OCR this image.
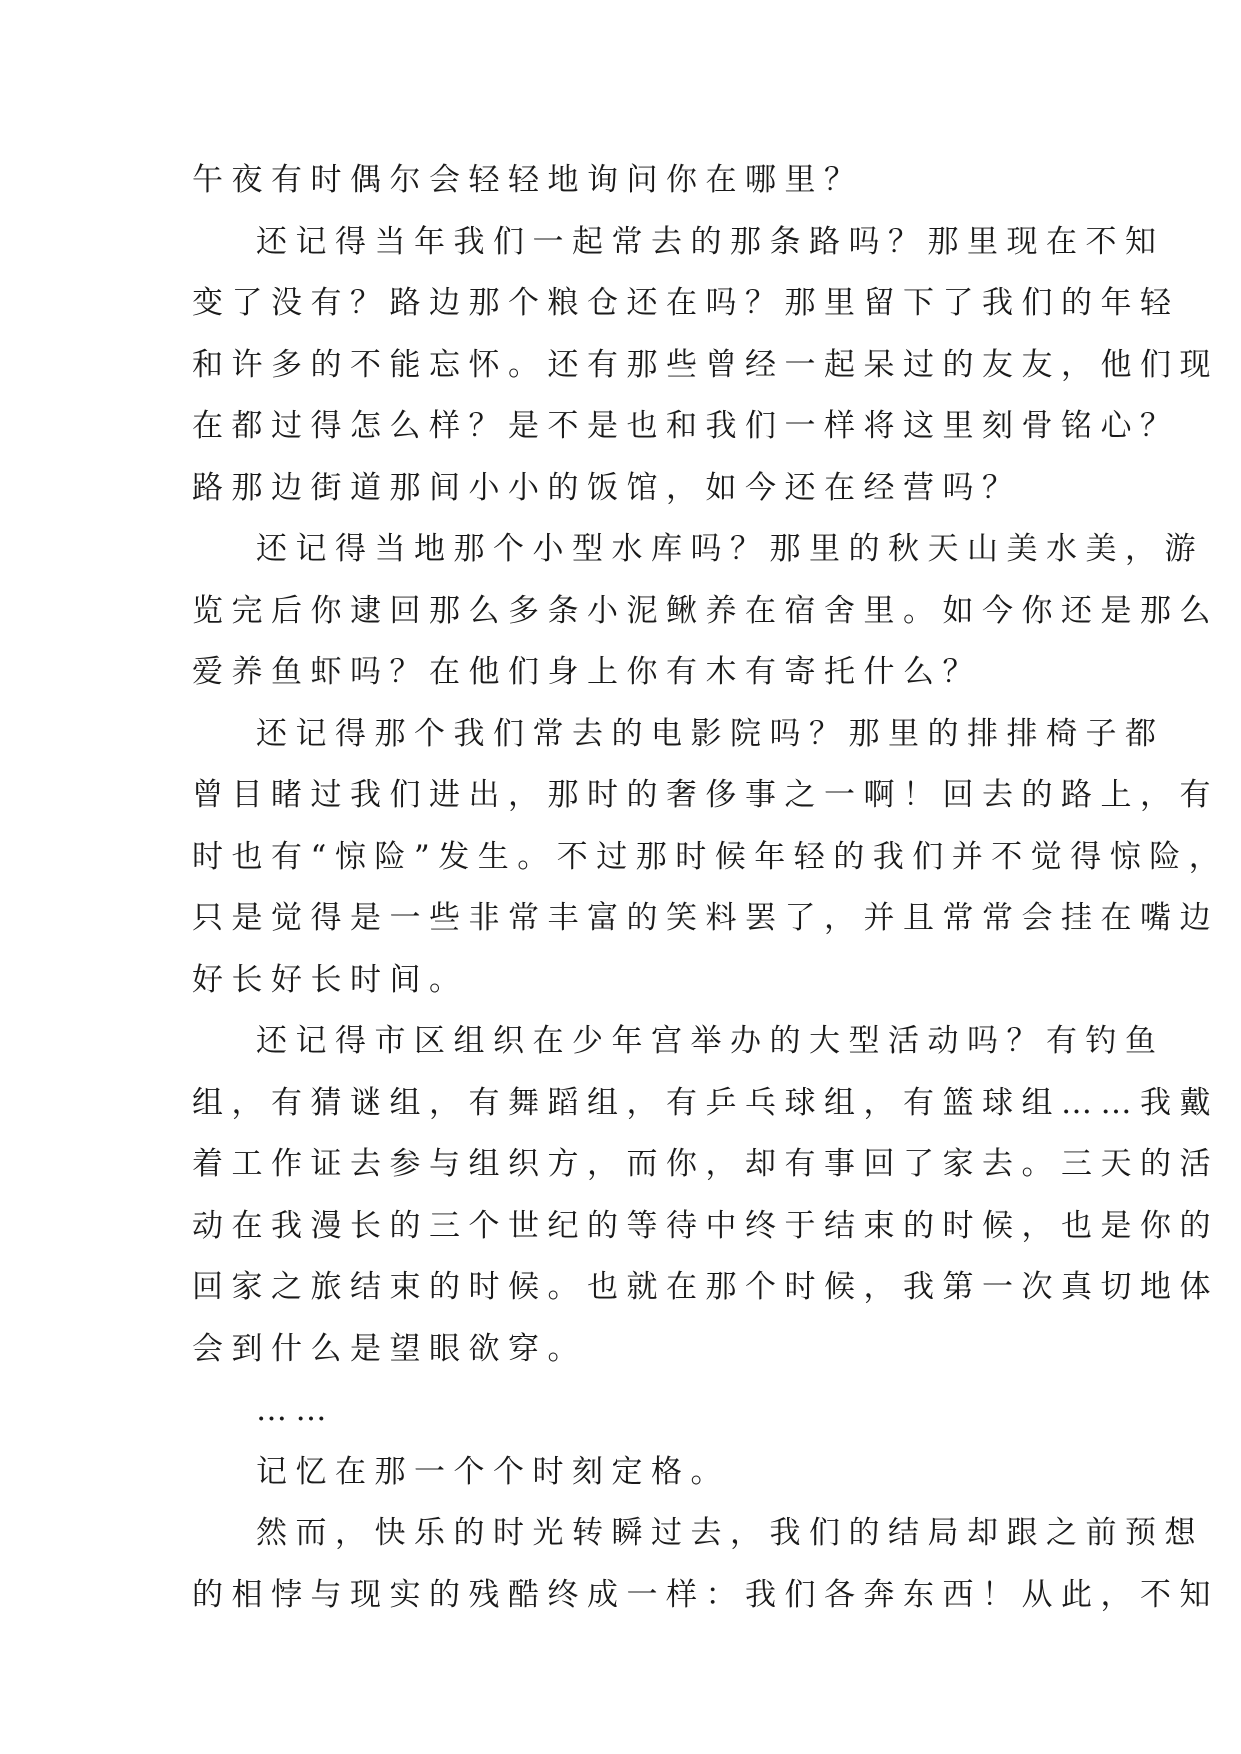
午夜有时偶尔会轻轻地询问你在哪里？
还记得当年我们一起常去的那条路吗？那里现在不知
变了没有？路边那个粮仓还在吗？那里留下了我们的年轻
和许多的不能忘怀。还有那些曾经一起呆过的友友，他们现
在都过得怎么样？是不是也和我们一样将这里刻骨铭心？
路那边街道那间小小的饭馆，如今还在经营吗？
还记得当地那个小型水库吗？那里的秋天山美水美，游
览完后你逮回那么多条小泥鳅养在宿舍里。如今你还是那么
爱养鱼虾吗？在他们身上你有木有寄托什么？
还记得那个我们常去的电影院吗？那里的排排椅子都
曾目睹过我们进出，那时的奢侈事之一啊！回去的路上，有
时也有“惊险”发生。不过那时候年轻的我们并不觉得惊险，
只是觉得是一些非常丰富的笑料罢了，并且常常会挂在嘴边
好长好长时间。
还记得市区组织在少年宫举办的大型活动吗？有钓鱼
组，有猜谜组，有舞蹈组，有乒乓球组，有篮球组……我戴
着工作证去参与组织方，而你，却有事回了家去。三天的活
动在我漫长的三个世纪的等待中终于结束的时候，也是你的
回家之旅结束的时候。也就在那个时候，我第一次真切地体
会到什么是望眼欲穿。
……
记忆在那一个个时刻定格。
然而，快乐的时光转瞬过去，我们的结局却跟之前预想
的相悖与现实的残酷终成一样：我们各奔东西！从此，不知
